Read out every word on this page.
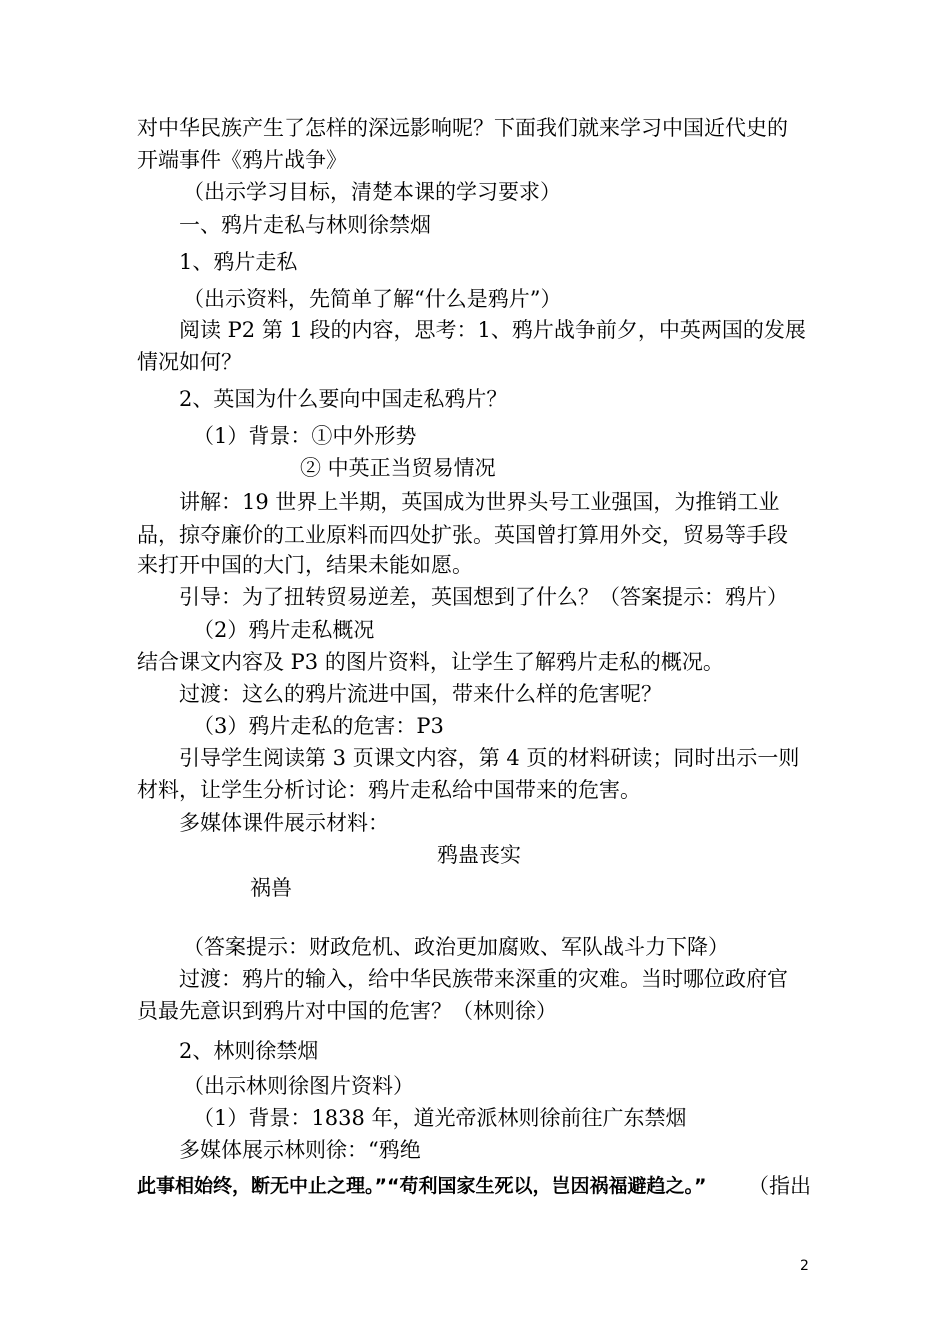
对中华民族产生了怎样的深远影响呢？下面我们就来学习中国近代史的
开端事件《鸦片战争》
（出示学习目标，清楚本课的学习要求）
一、鸦片走私与林则徐禁烟
1、鸦片走私
（出示资料，先简单了解“什么是鸦片”）
阅读 P2 第 1 段的内容，思考：1、鸦片战争前夕，中英两国的发展
情况如何？
2、英国为什么要向中国走私鸦片？
（1）背景：①中外形势
② 中英正当贸易情况
讲解：19 世界上半期，英国成为世界头号工业强国，为推销工业
品，掠夺廉价的工业原料而四处扩张。英国曾打算用外交，贸易等手段
来打开中国的大门，结果未能如愿。
引导：为了扭转贸易逆差，英国想到了什么？（答案提示：鸦片）
（2）鸦片走私概况
结合课文内容及 P3 的图片资料，让学生了解鸦片走私的概况。
过渡：这么的鸦片流进中国，带来什么样的危害呢？
（3）鸦片走私的危害：P3
引导学生阅读第 3 页课文内容，第 4 页的材料研读；同时出示一则
材料，让学生分析讨论：鸦片走私给中国带来的危害。
多媒体课件展示材料：
鸦蛊丧实
祸兽
（答案提示：财政危机、政治更加腐败、军队战斗力下降）
过渡：鸦片的输入，给中华民族带来深重的灾难。当时哪位政府官
员最先意识到鸦片对中国的危害？（林则徐）
2、林则徐禁烟
（出示林则徐图片资料）
（1）背景：1838 年，道光帝派林则徐前往广东禁烟
多媒体展示林则徐：“鸦绝
此事相始终，断无中止之理。”“苟利国家生死以，岂因祸福避趋之。” （指出
2
